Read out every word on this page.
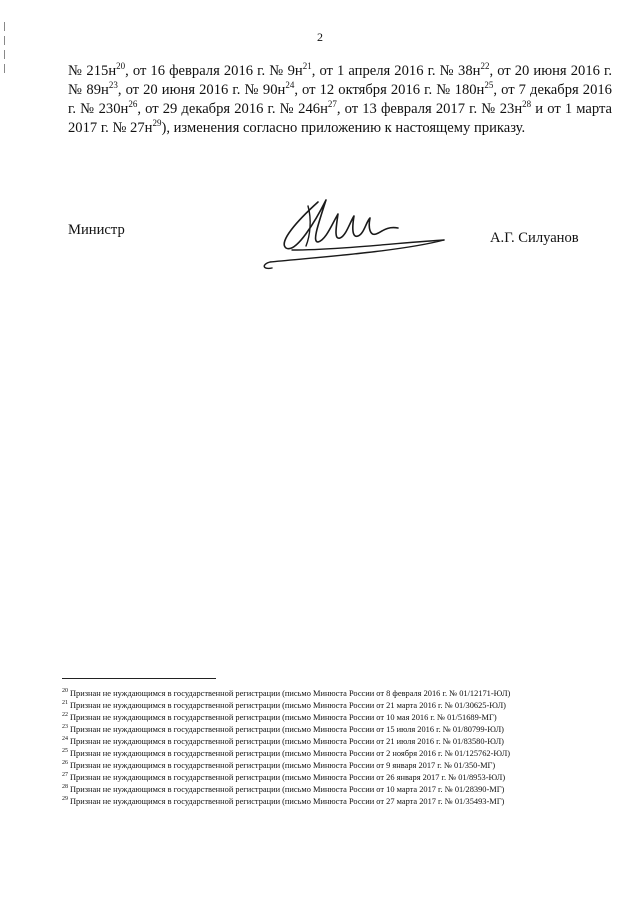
2
№ $215н^{20}$, от 16 февраля 2016 г. № $9н^{21}$, от 1 апреля 2016 г. № $38н^{22}$, от 20 июня 2016 г. № $89н^{23}$, от 20 июня 2016 г. № $90н^{24}$, от 12 октября 2016 г. № $180н^{25}$, от 7 декабря 2016 г. № $230н^{26}$, от 29 декабря 2016 г. № $246н^{27}$, от 13 февраля 2017 г. № $23н^{28}$ и от 1 марта 2017 г. № $27н^{29}$), изменения согласно приложению к настоящему приказу.
Министр	А.Г. Силуанов
$^{20}$ Признан не нуждающимся в государственной регистрации (письмо Минюста России от 8 февраля 2016 г. № 01/12171-ЮЛ)
$^{21}$ Признан не нуждающимся в государственной регистрации (письмо Минюста России от 21 марта 2016 г. № 01/30625-ЮЛ)
$^{22}$ Признан не нуждающимся в государственной регистрации (письмо Минюста России от 10 мая 2016 г. № 01/51689-МГ)
$^{23}$ Признан не нуждающимся в государственной регистрации (письмо Минюста России от 15 июля 2016 г. № 01/80799-ЮЛ)
$^{24}$ Признан не нуждающимся в государственной регистрации (письмо Минюста России от 21 июля 2016 г. № 01/83580-ЮЛ)
$^{25}$ Признан не нуждающимся в государственной регистрации (письмо Минюста России от 2 ноября 2016 г. № 01/125762-ЮЛ)
$^{26}$ Признан не нуждающимся в государственной регистрации (письмо Минюста России от 9 января 2017 г. № 01/350-МГ)
$^{27}$ Признан не нуждающимся в государственной регистрации (письмо Минюста России от 26 января 2017 г. № 01/8953-ЮЛ)
$^{28}$ Признан не нуждающимся в государственной регистрации (письмо Минюста России от 10 марта 2017 г. № 01/28390-МГ)
$^{29}$ Признан не нуждающимся в государственной регистрации (письмо Минюста России от 27 марта 2017 г. № 01/35493-МГ)
